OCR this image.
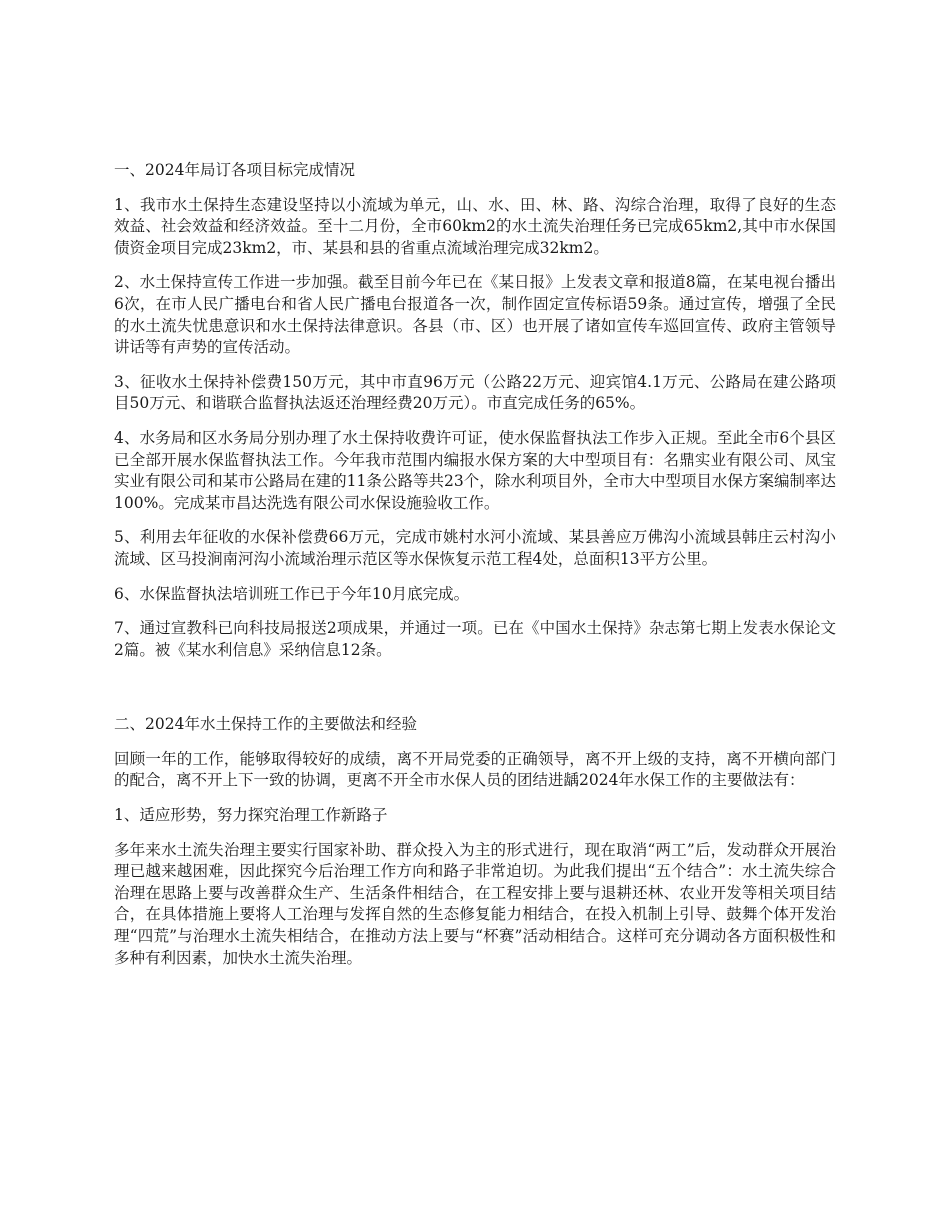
一、2024年局订各项目标完成情况

1、我市水土保持生态建设坚持以小流域为单元，山、水、田、林、路、沟综合治理，取得了良好的生态效益、社会效益和经济效益。至十二月份，全市60km2的水土流失治理任务已完成65km2,其中市水保国债资金项目完成23km2，市、某县和县的省重点流域治理完成32km2。

2、水土保持宣传工作进一步加强。截至目前今年已在《某日报》上发表文章和报道8篇，在某电视台播出6次，在市人民广播电台和省人民广播电台报道各一次，制作固定宣传标语59条。通过宣传，增强了全民的水土流失忧患意识和水土保持法律意识。各县（市、区）也开展了诸如宣传车巡回宣传、政府主管领导讲话等有声势的宣传活动。

3、征收水土保持补偿费150万元，其中市直96万元（公路22万元、迎宾馆4.1万元、公路局在建公路项目50万元、和谐联合监督执法返还治理经费20万元）。市直完成任务的65%。

4、水务局和区水务局分别办理了水土保持收费许可证，使水保监督执法工作步入正规。至此全市6个县区已全部开展水保监督执法工作。今年我市范围内编报水保方案的大中型项目有：名鼎实业有限公司、凤宝实业有限公司和某市公路局在建的11条公路等共23个，除水利项目外，全市大中型项目水保方案编制率达100%。完成某市昌达洗选有限公司水保设施验收工作。

5、利用去年征收的水保补偿费66万元，完成市姚村水河小流域、某县善应万佛沟小流域县韩庄云村沟小流域、区马投涧南河沟小流域治理示范区等水保恢复示范工程4处，总面积13平方公里。

6、水保监督执法培训班工作已于今年10月底完成。

7、通过宣教科已向科技局报送2项成果，并通过一项。已在《中国水土保持》杂志第七期上发表水保论文2篇。被《某水利信息》采纳信息12条。

二、2024年水土保持工作的主要做法和经验

回顾一年的工作，能够取得较好的成绩，离不开局党委的正确领导，离不开上级的支持，离不开横向部门的配合，离不开上下一致的协调，更离不开全市水保人员的团结进龋2024年水保工作的主要做法有：

1、适应形势，努力探究治理工作新路子

多年来水土流失治理主要实行国家补助、群众投入为主的形式进行，现在取消“两工”后，发动群众开展治理已越来越困难，因此探究今后治理工作方向和路子非常迫切。为此我们提出“五个结合”：水土流失综合治理在思路上要与改善群众生产、生活条件相结合，在工程安排上要与退耕还林、农业开发等相关项目结合，在具体措施上要将人工治理与发挥自然的生态修复能力相结合，在投入机制上引导、鼓舞个体开发治理“四荒”与治理水土流失相结合，在推动方法上要与“杯赛”活动相结合。这样可充分调动各方面积极性和多种有利因素，加快水土流失治理。
